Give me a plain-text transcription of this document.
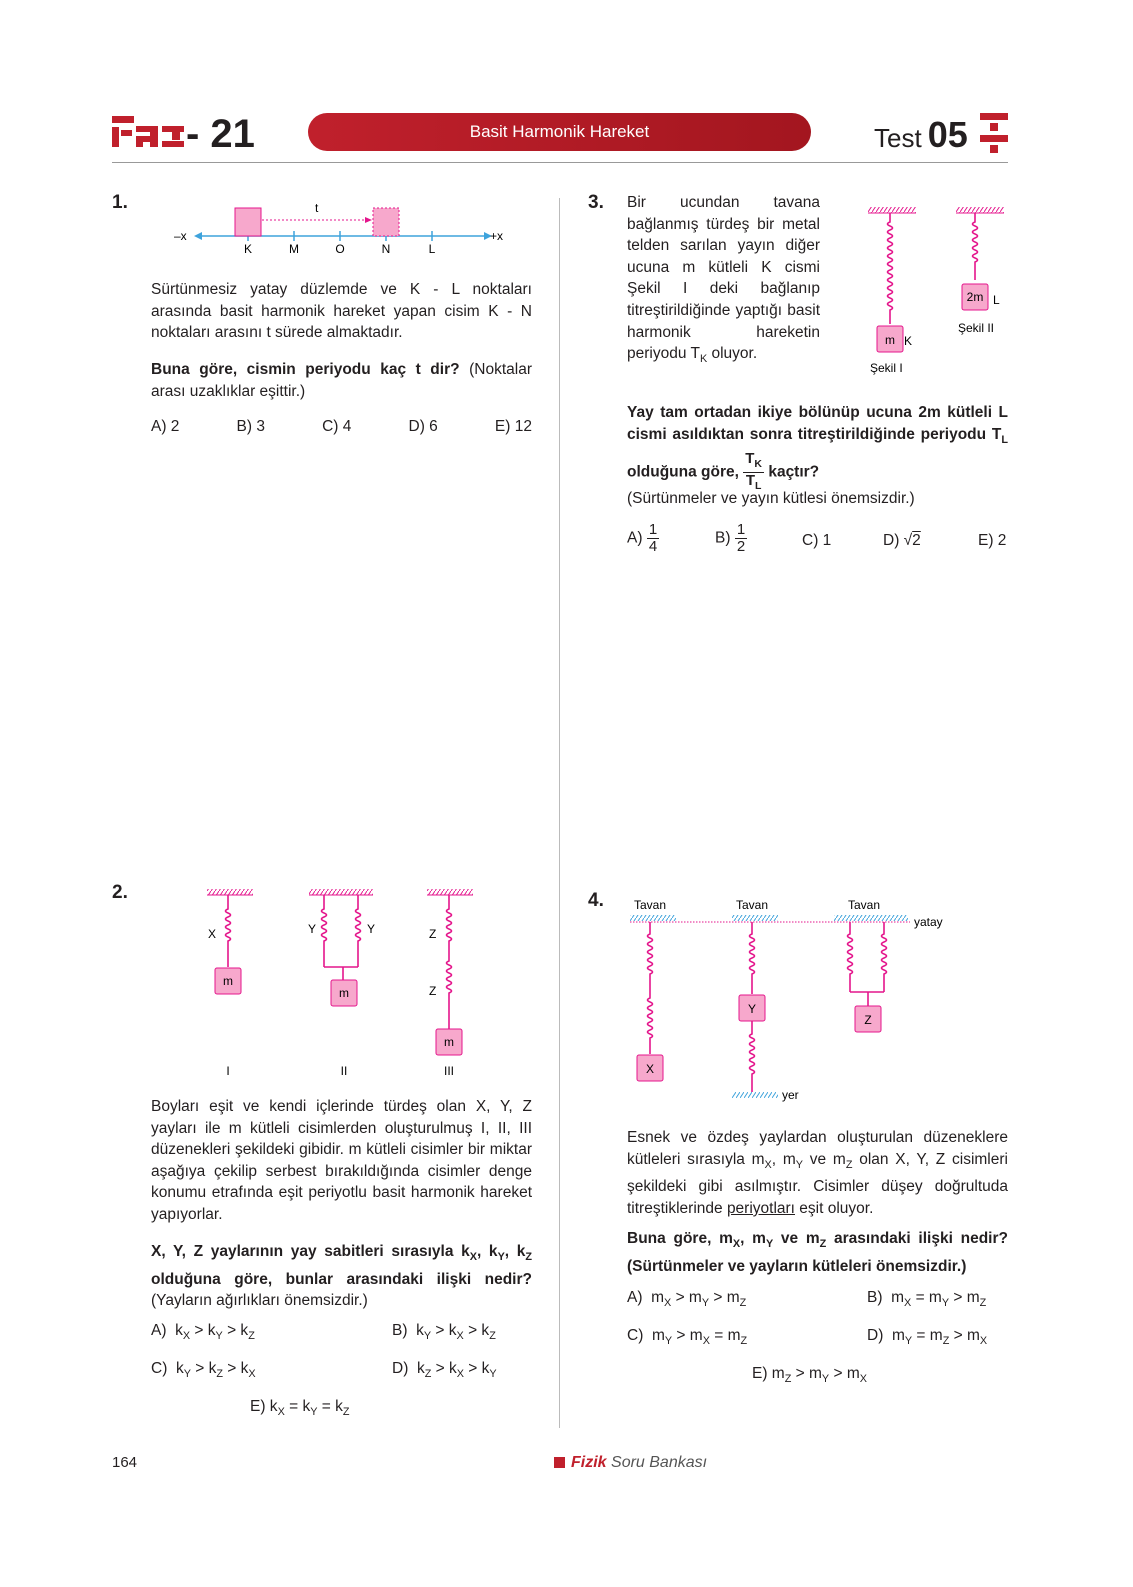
- 21	Basit Harmonik Hareket	Test 05
1.
–x	+x
t
K	M	O	N	L
Sürtünmesiz yatay düzlemde ve K - L noktaları arasında basit harmonik hareket yapan cisim K - N noktaları arasını t sürede almaktadır.
Buna göre, cismin periyodu kaç t dir? (Noktalar arası uzaklıklar eşittir.)
A) 2	B) 3	C) 4	D) 6	E) 12
2.
X
m
I
Y	Y
m
II
Z
Z
m
III
Boyları eşit ve kendi içlerinde türdeş olan X, Y, Z yayları ile m kütleli cisimlerden oluşturulmuş I, II, III düzenekleri şekildeki gibidir. m kütleli cisimler bir miktar aşağıya çekilip serbest bırakıldığında cisimler denge konumu etrafında eşit periyotlu basit harmonik hareket yapıyorlar.
X, Y, Z yaylarının yay sabitleri sırasıyla $k_X$, $k_Y$, $k_Z$ olduğuna göre, bunlar arasındaki ilişki nedir? (Yayların ağırlıkları önemsizdir.)
A)  $k_X > k_Y > k_Z$	B)  $k_Y > k_X > k_Z$
C)  $k_Y > k_Z > k_X$	D)  $k_Z > k_X > k_Y$
E) $k_X = k_Y = k_Z$
3. Bir ucundan tavana bağlanmış türdeş bir metal telden sarılan yayın diğer ucuna m kütleli K cismi Şekil I deki bağlanıp titreştirildiğinde yaptığı basit harmonik hareketin periyodu $T_K$ oluyor.
m K
Şekil I
2m L
Şekil II
Yay tam ortadan ikiye bölünüp ucuna 2m kütleli L cismi asıldıktan sonra titreştirildiğinde periyodu $T_L$ olduğuna göre, $\frac{T_K}{T_L}$ kaçtır?
(Sürtünmeler ve yayın kütlesi önemsizdir.)
$A) \frac{1}{4}$	$B) \frac{1}{2}$	C) 1	D) √2	E) 2
4.	Tavan	Tavan	Tavan
yatay
X
Y
yer
Z
Esnek ve özdeş yaylardan oluşturulan düzeneklere kütleleri sırasıyla $m_X$, $m_Y$ ve $m_Z$ olan X, Y, Z cisimleri şekildeki gibi asılmıştır. Cisimler düşey doğrultuda titreştiklerinde periyotları eşit oluyor.
Buna göre, $m_X$, $m_Y$ ve $m_Z$ arasındaki ilişki nedir? (Sürtünmeler ve yayların kütleleri önemsizdir.)
A)  $m_X > m_Y > m_Z$	B)  $m_X = m_Y > m_Z$
C)  $m_Y > m_X = m_Z$	D)  $m_Y = m_Z > m_X$
E) $m_Z > m_Y > m_X$
164	Fizik Soru Bankası
